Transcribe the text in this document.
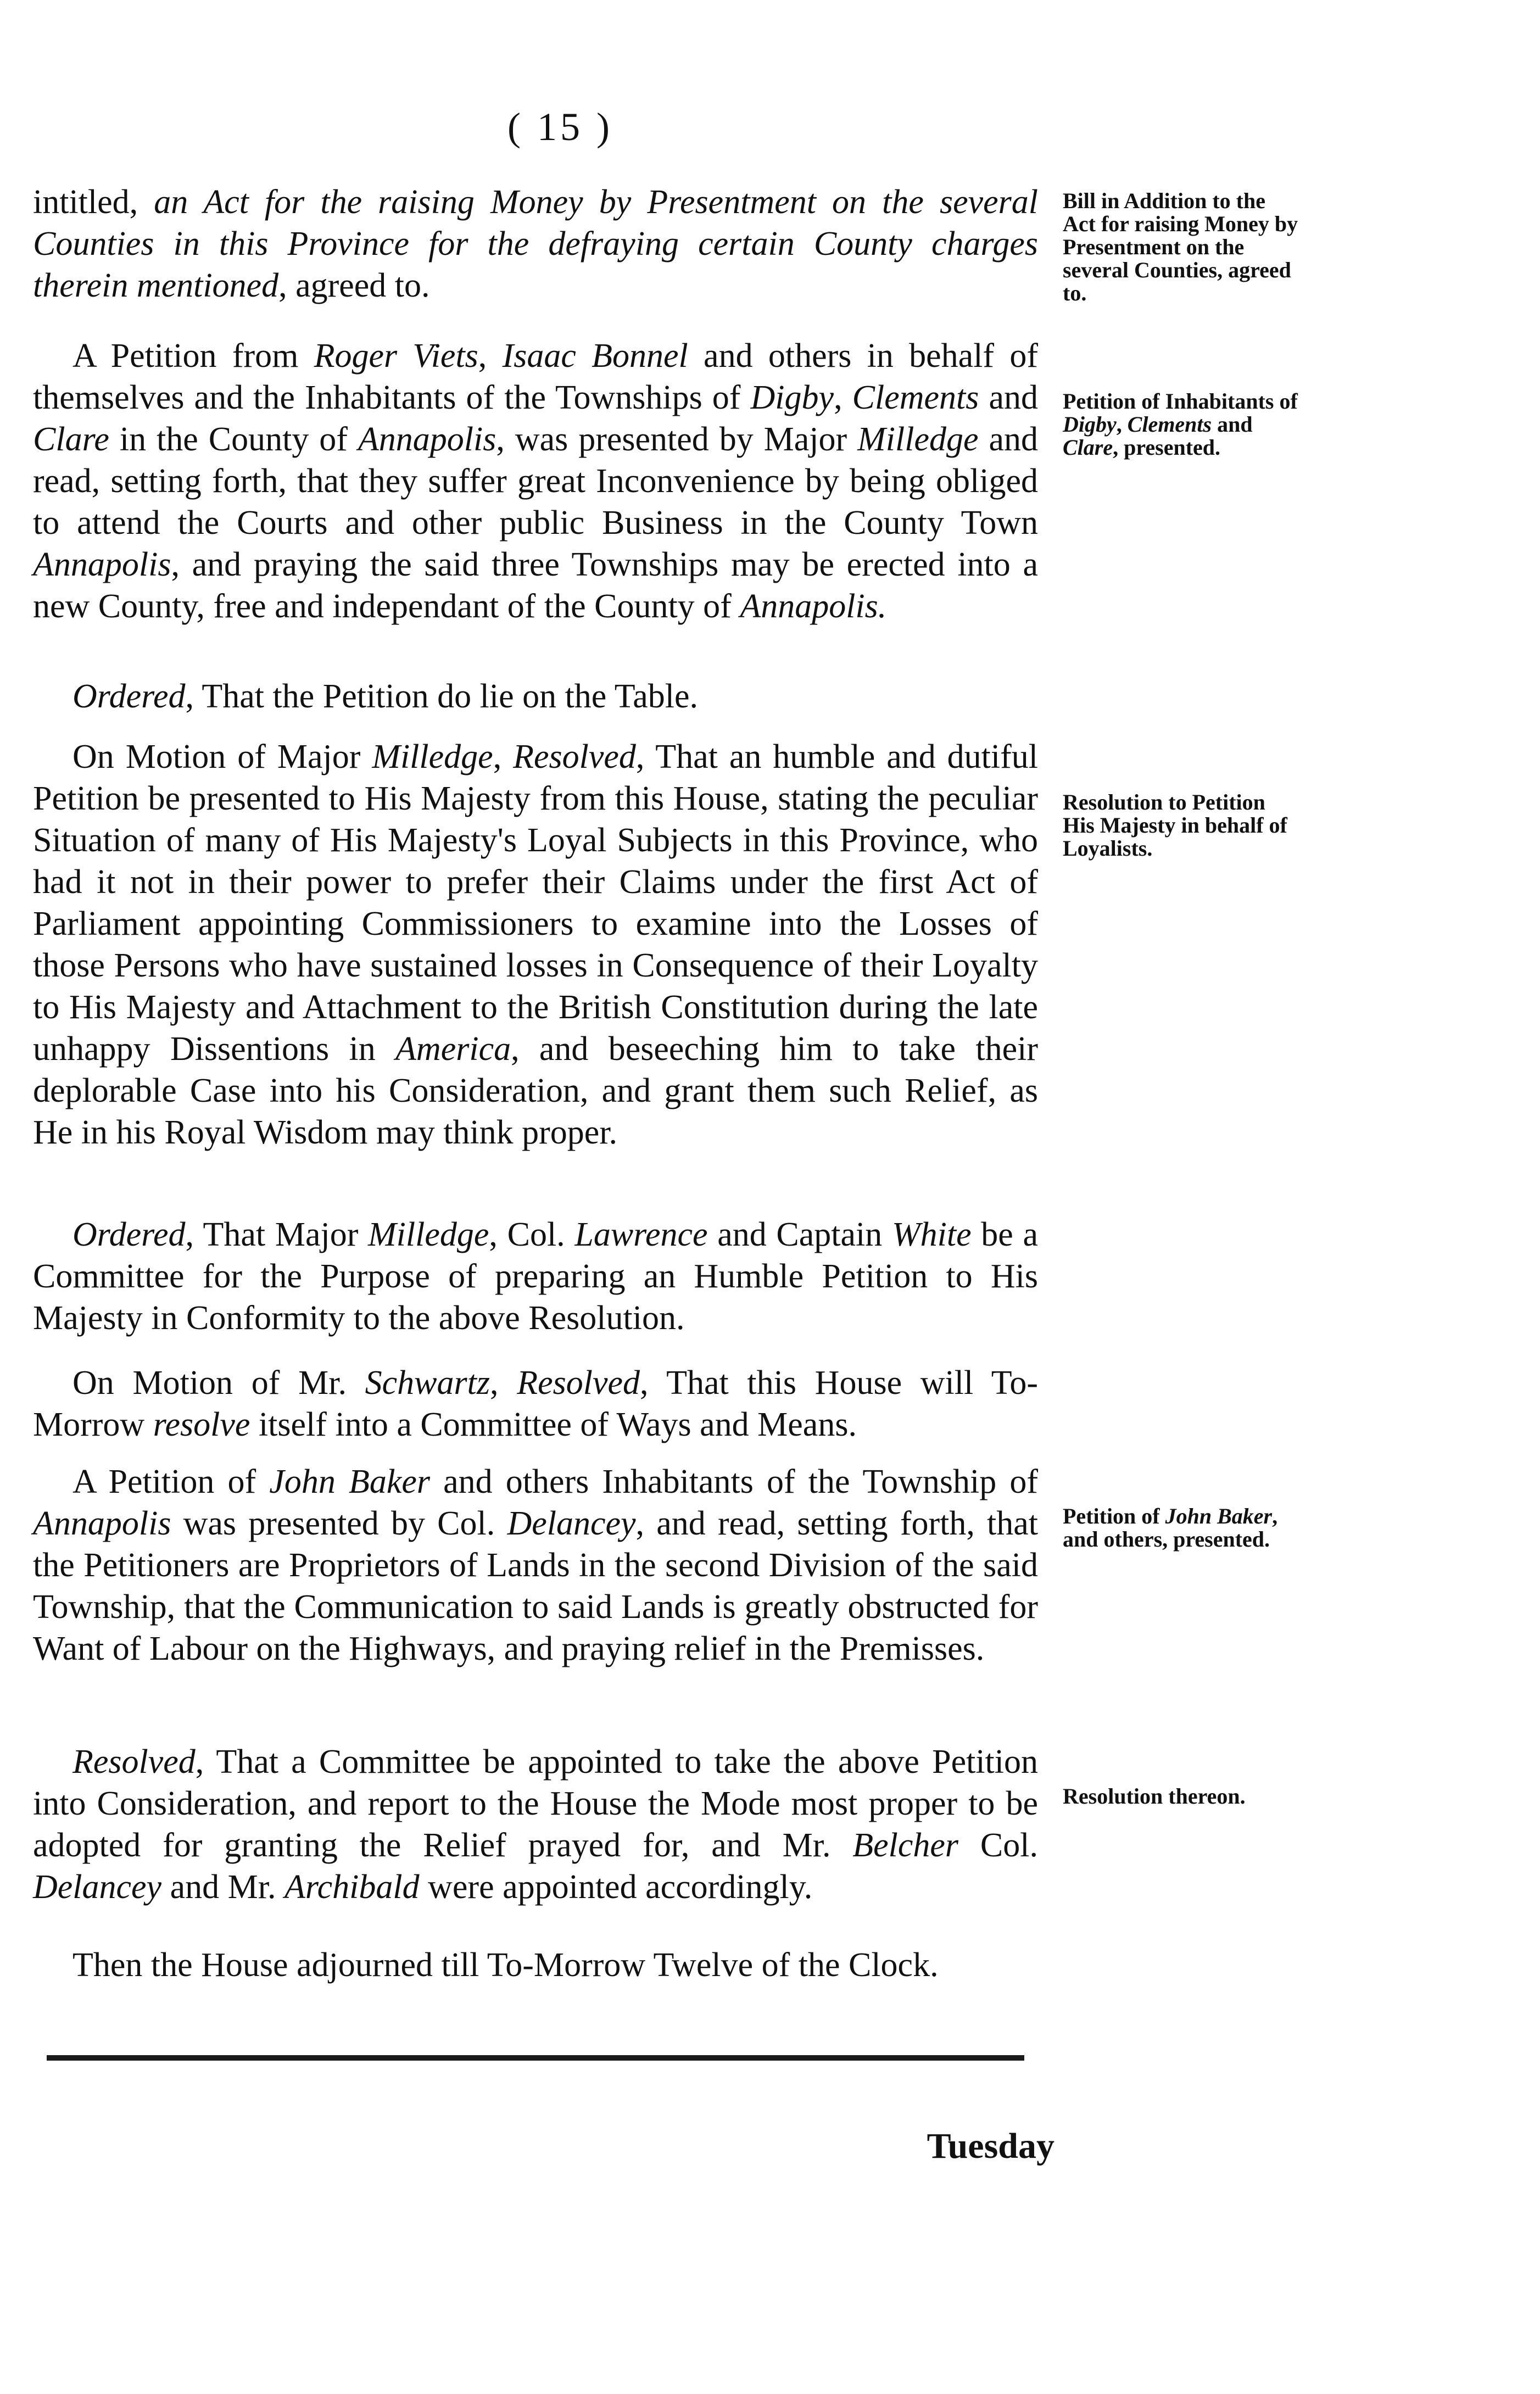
( 15 )

intitled, an Act for the raising Money by Presentment on the several Counties in this Province for the defraying certain County charges therein mentioned, agreed to.

A Petition from Roger Viets, Isaac Bonnel and others in behalf of themselves and the Inhabitants of the Townships of Digby, Clements and Clare in the County of Annapolis, was presented by Major Milledge and read, setting forth, that they suffer great Inconvenience by being obliged to attend the Courts and other public Business in the County Town Annapolis, and praying the said three Townships may be erected into a new County, free and independant of the County of Annapolis.

Ordered, That the Petition do lie on the Table.

On Motion of Major Milledge, Resolved, That an humble and dutiful Petition be presented to His Majesty from this House, stating the peculiar Situation of many of His Majesty's Loyal Subjects in this Province, who had it not in their power to prefer their Claims under the first Act of Parliament appointing Commissioners to examine into the Losses of those Persons who have sustained losses in Consequence of their Loyalty to His Majesty and Attachment to the British Constitution during the late unhappy Dissentions in America, and beseeching him to take their deplorable Case into his Consideration, and grant them such Relief, as He in his Royal Wisdom may think proper.

Ordered, That Major Milledge, Col. Lawrence and Captain White be a Committee for the Purpose of preparing an Humble Petition to His Majesty in Conformity to the above Resolution.

On Motion of Mr. Schwartz, Resolved, That this House will To-Morrow resolve itself into a Committee of Ways and Means.

A Petition of John Baker and others Inhabitants of the Township of Annapolis was presented by Col. Delancey, and read, setting forth, that the Petitioners are Proprietors of Lands in the second Division of the said Township, that the Communication to said Lands is greatly obstructed for Want of Labour on the Highways, and praying relief in the Premisses.

Resolved, That a Committee be appointed to take the above Petition into Consideration, and report to the House the Mode most proper to be adopted for granting the Relief prayed for, and Mr. Belcher Col. Delancey and Mr. Archibald were appointed accordingly.

Then the House adjourned till To-Morrow Twelve of the Clock.

Bill in Addition to the Act for raising Money by Presentment on the several Counties, agreed to.
Petition of Inhabitants of Digby, Clements and Clare, presented.
Resolution to Petition His Majesty in behalf of Loyalists.
Petition of John Baker, and others, presented.
Resolution thereon.
Tuesday
